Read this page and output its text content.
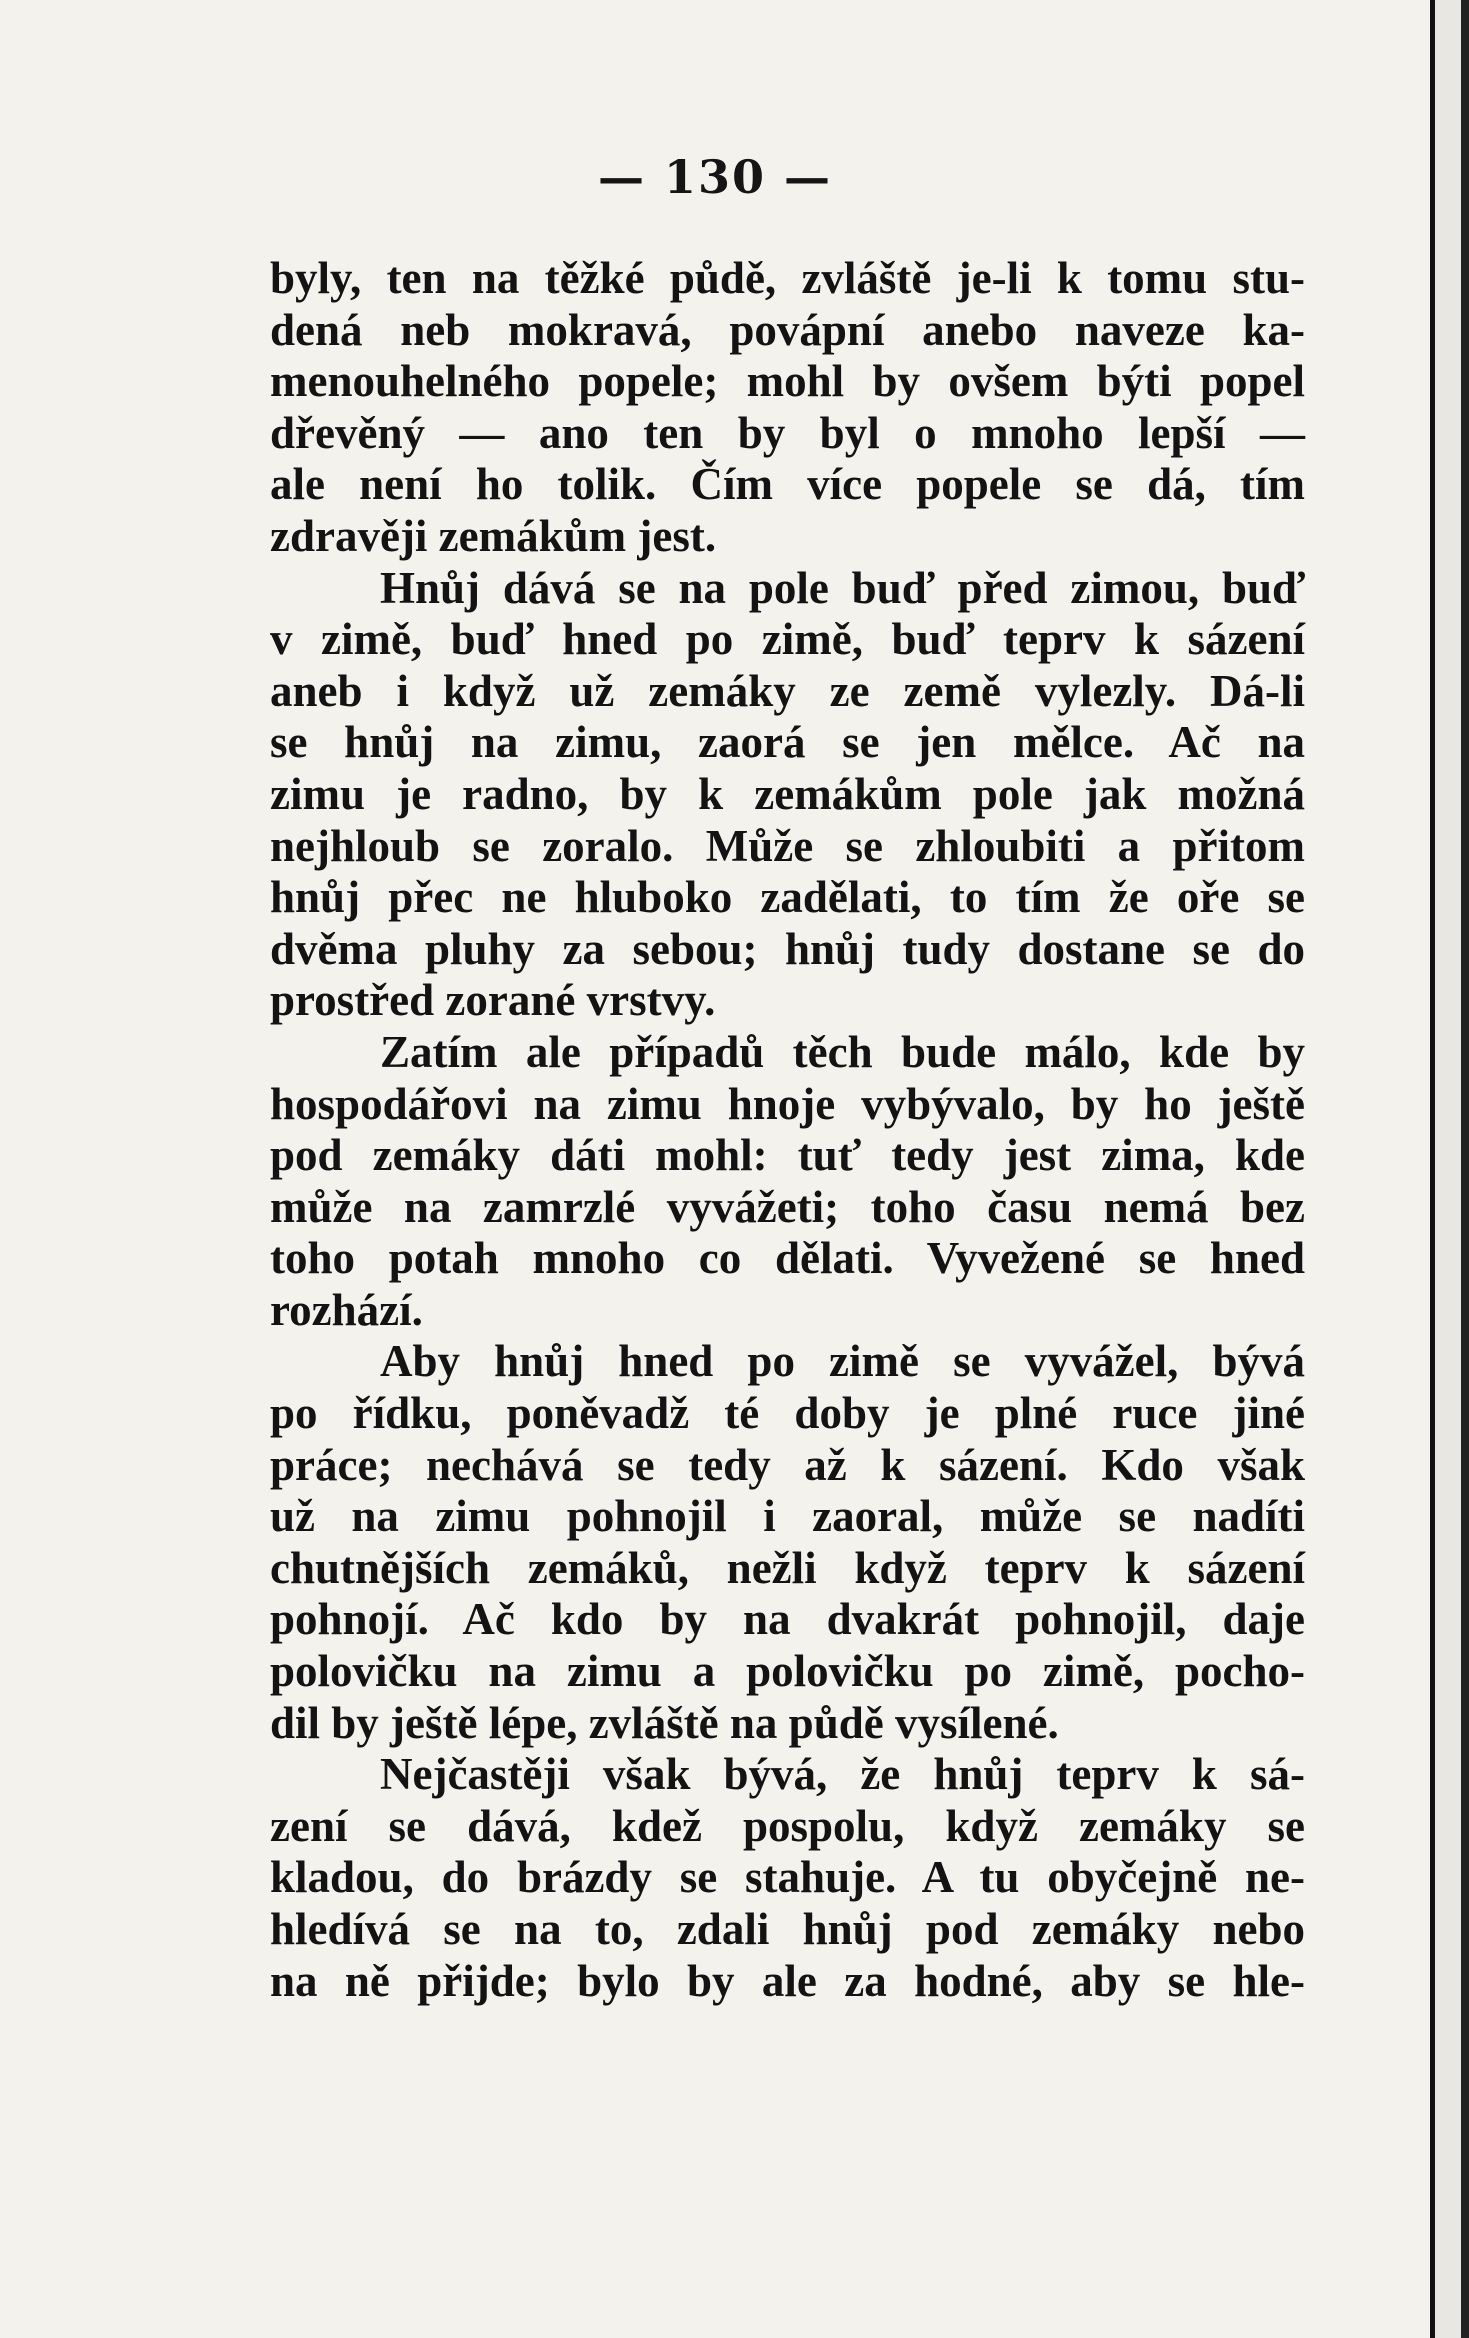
— 130 —
byly, ten na těžké půdě, zvláště je-li k tomu stu-
dená neb mokravá, povápní anebo naveze ka-
menouhelného popele; mohl by ovšem býti popel
dřevěný — ano ten by byl o mnoho lepší —
ale není ho tolik. Čím více popele se dá, tím
zdravěji zemákům jest.
Hnůj dává se na pole buď před zimou, buď
v zimě, buď hned po zimě, buď teprv k sázení
aneb i když už zemáky ze země vylezly. Dá-li
se hnůj na zimu, zaorá se jen mělce. Ač na
zimu je radno, by k zemákům pole jak možná
nejhloub se zoralo. Může se zhloubiti a přitom
hnůj přec ne hluboko zadělati, to tím že oře se
dvěma pluhy za sebou; hnůj tudy dostane se do
prostřed zorané vrstvy.
Zatím ale případů těch bude málo, kde by
hospodářovi na zimu hnoje vybývalo, by ho ještě
pod zemáky dáti mohl: tuť tedy jest zima, kde
může na zamrzlé vyvážeti; toho času nemá bez
toho potah mnoho co dělati. Vyvežené se hned
rozhází.
Aby hnůj hned po zimě se vyvážel, bývá
po řídku, poněvadž té doby je plné ruce jiné
práce; nechává se tedy až k sázení. Kdo však
už na zimu pohnojil i zaoral, může se nadíti
chutnějších zemáků, nežli když teprv k sázení
pohnojí. Ač kdo by na dvakrát pohnojil, daje
polovičku na zimu a polovičku po zimě, pocho-
dil by ještě lépe, zvláště na půdě vysílené.
Nejčastěji však bývá, že hnůj teprv k sá-
zení se dává, kdež pospolu, když zemáky se
kladou, do brázdy se stahuje. A tu obyčejně ne-
hledívá se na to, zdali hnůj pod zemáky nebo
na ně přijde; bylo by ale za hodné, aby se hle-
